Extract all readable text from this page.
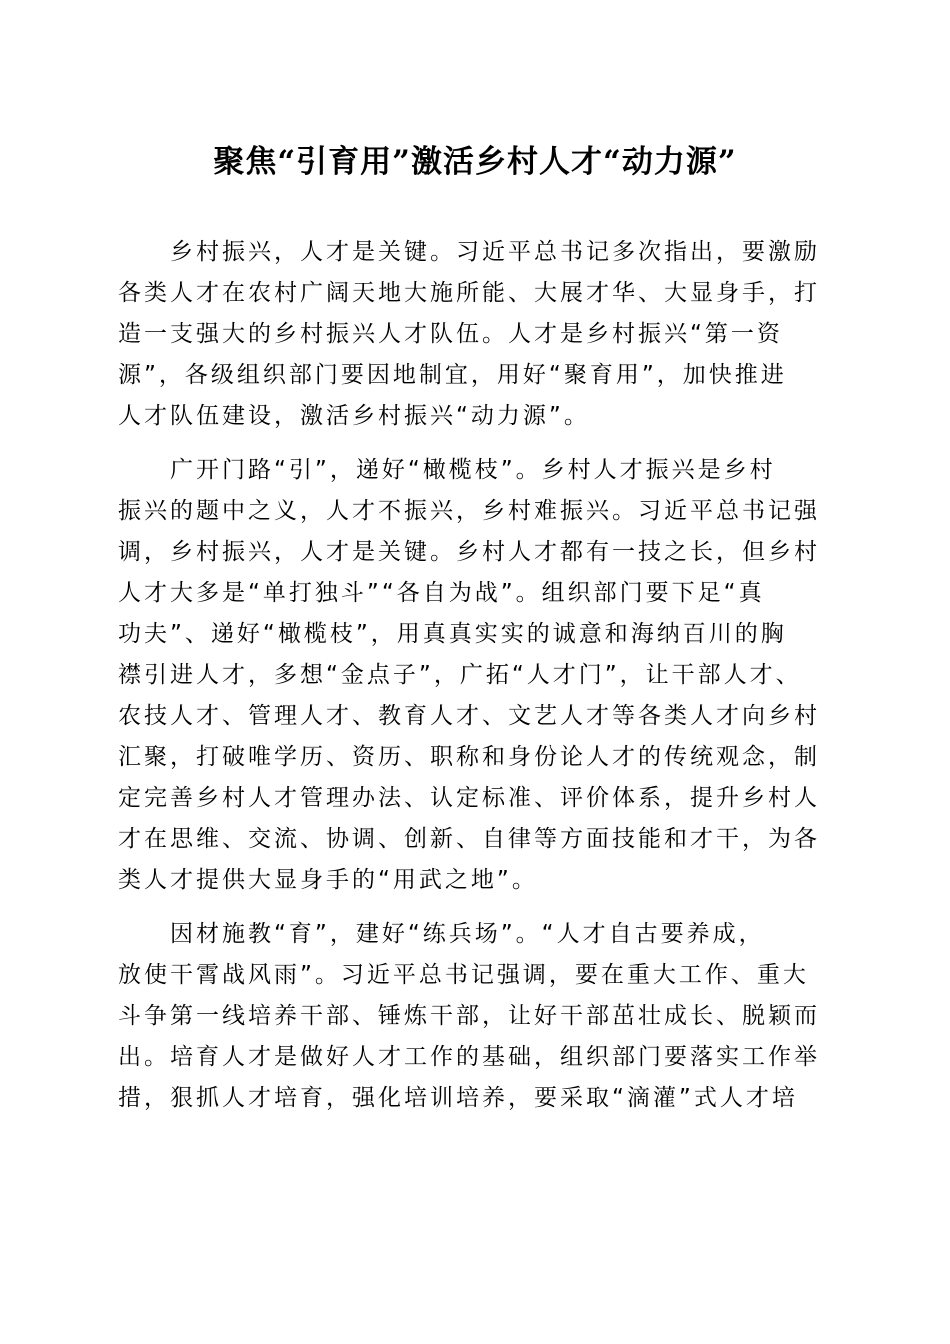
聚焦“引育用”激活乡村人才“动力源”
乡村振兴，人才是关键。习近平总书记多次指出，要激励
各类人才在农村广阔天地大施所能、大展才华、大显身手，打
造一支强大的乡村振兴人才队伍。人才是乡村振兴“第一资
源”，各级组织部门要因地制宜，用好“聚育用”，加快推进
人才队伍建设，激活乡村振兴“动力源”。
广开门路“引”，递好“橄榄枝”。乡村人才振兴是乡村
振兴的题中之义，人才不振兴，乡村难振兴。习近平总书记强
调，乡村振兴，人才是关键。乡村人才都有一技之长，但乡村
人才大多是“单打独斗”“各自为战”。组织部门要下足“真
功夫”、递好“橄榄枝”，用真真实实的诚意和海纳百川的胸
襟引进人才，多想“金点子”，广拓“人才门”，让干部人才、
农技人才、管理人才、教育人才、文艺人才等各类人才向乡村
汇聚，打破唯学历、资历、职称和身份论人才的传统观念，制
定完善乡村人才管理办法、认定标准、评价体系，提升乡村人
才在思维、交流、协调、创新、自律等方面技能和才干，为各
类人才提供大显身手的“用武之地”。
因材施教“育”，建好“练兵场”。“人才自古要养成，
放使干霄战风雨”。习近平总书记强调，要在重大工作、重大
斗争第一线培养干部、锤炼干部，让好干部茁壮成长、脱颖而
出。培育人才是做好人才工作的基础，组织部门要落实工作举
措，狠抓人才培育，强化培训培养，要采取“滴灌”式人才培
